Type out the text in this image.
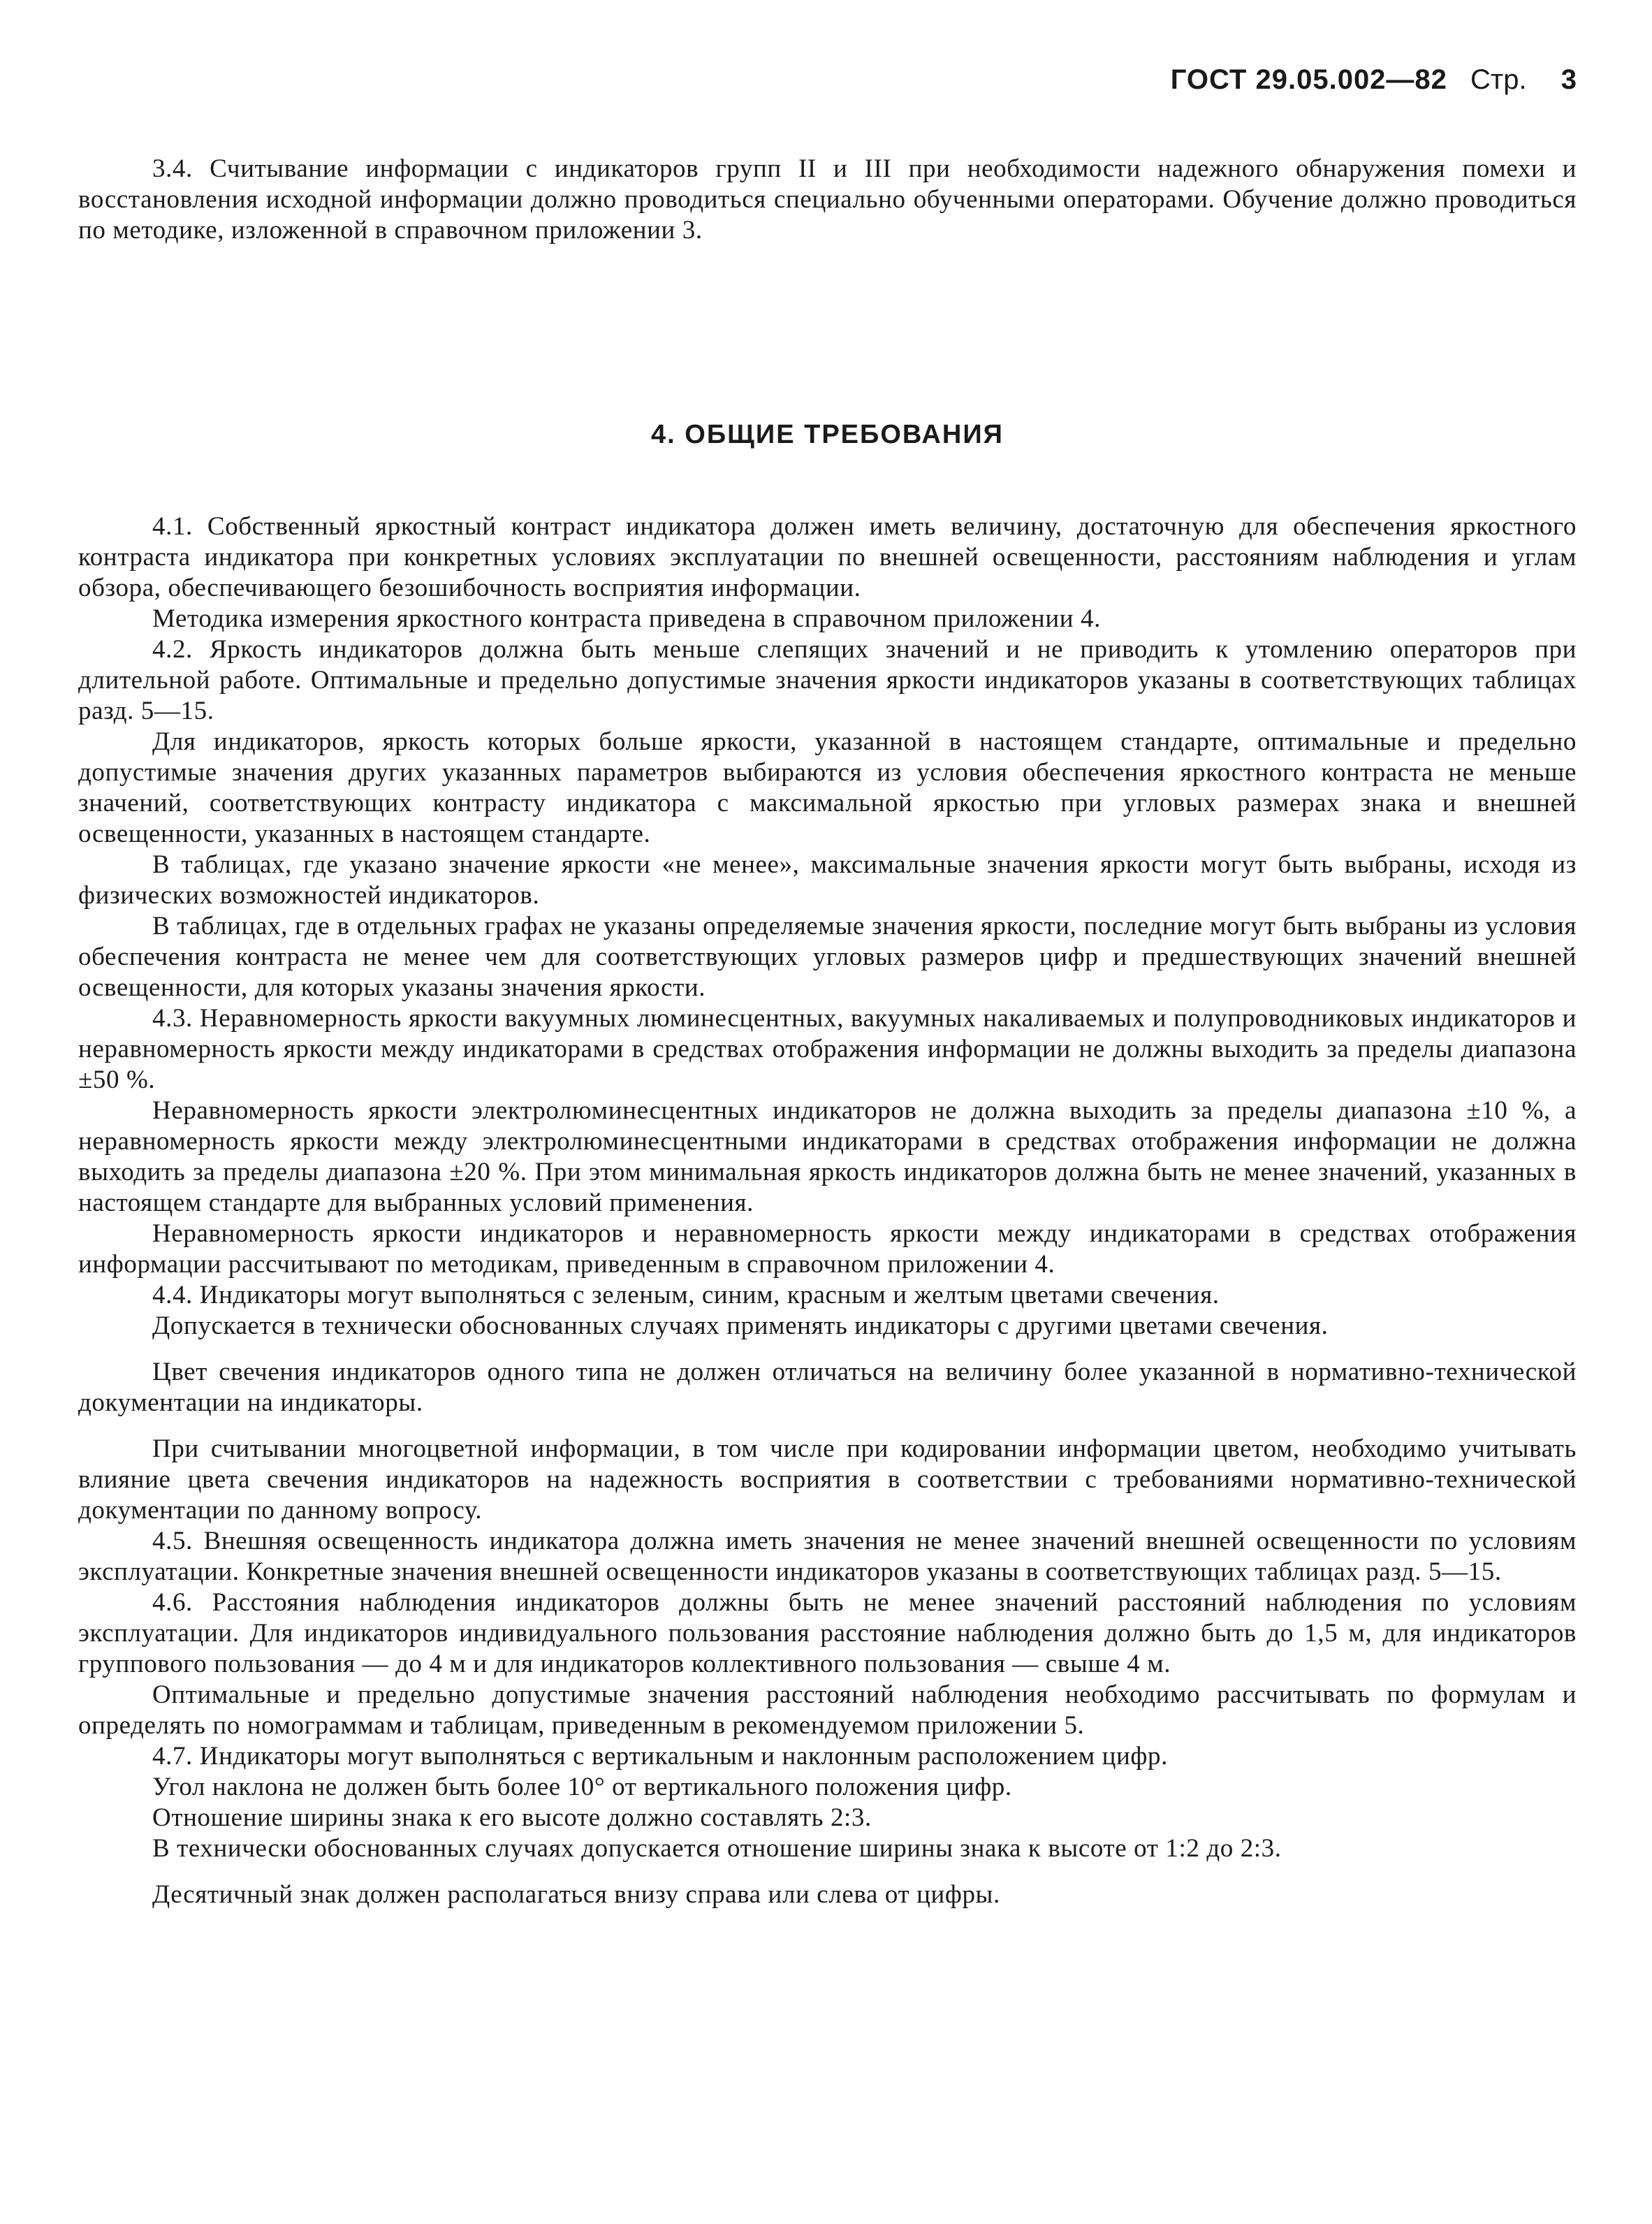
ГОСТ 29.05.002—82 Стр. 3

3.4. Считывание информации с индикаторов групп II и III при необходимости надежного обнаружения помехи и восстановления исходной информации должно проводиться специально обученными операторами. Обучение должно проводиться по методике, изложенной в справочном приложении 3.

4. ОБЩИЕ ТРЕБОВАНИЯ

4.1. Собственный яркостный контраст индикатора должен иметь величину, достаточную для обеспечения яркостного контраста индикатора при конкретных условиях эксплуатации по внешней освещенности, расстояниям наблюдения и углам обзора, обеспечивающего безошибочность восприятия информации.

Методика измерения яркостного контраста приведена в справочном приложении 4.

4.2. Яркость индикаторов должна быть меньше слепящих значений и не приводить к утомлению операторов при длительной работе. Оптимальные и предельно допустимые значения яркости индикаторов указаны в соответствующих таблицах разд. 5—15.

Для индикаторов, яркость которых больше яркости, указанной в настоящем стандарте, оптимальные и предельно допустимые значения других указанных параметров выбираются из условия обеспечения яркостного контраста не меньше значений, соответствующих контрасту индикатора с максимальной яркостью при угловых размерах знака и внешней освещенности, указанных в настоящем стандарте.

В таблицах, где указано значение яркости «не менее», максимальные значения яркости могут быть выбраны, исходя из физических возможностей индикаторов.

В таблицах, где в отдельных графах не указаны определяемые значения яркости, последние могут быть выбраны из условия обеспечения контраста не менее чем для соответствующих угловых размеров цифр и предшествующих значений внешней освещенности, для которых указаны значения яркости.

4.3. Неравномерность яркости вакуумных люминесцентных, вакуумных накаливаемых и полупроводниковых индикаторов и неравномерность яркости между индикаторами в средствах отображения информации не должны выходить за пределы диапазона ±50 %.

Неравномерность яркости электролюминесцентных индикаторов не должна выходить за пределы диапазона ±10 %, а неравномерность яркости между электролюминесцентными индикаторами в средствах отображения информации не должна выходить за пределы диапазона ±20 %. При этом минимальная яркость индикаторов должна быть не менее значений, указанных в настоящем стандарте для выбранных условий применения.

Неравномерность яркости индикаторов и неравномерность яркости между индикаторами в средствах отображения информации рассчитывают по методикам, приведенным в справочном приложении 4.

4.4. Индикаторы могут выполняться с зеленым, синим, красным и желтым цветами свечения.

Допускается в технически обоснованных случаях применять индикаторы с другими цветами свечения.

Цвет свечения индикаторов одного типа не должен отличаться на величину более указанной в нормативно-технической документации на индикаторы.

При считывании многоцветной информации, в том числе при кодировании информации цветом, необходимо учитывать влияние цвета свечения индикаторов на надежность восприятия в соответствии с требованиями нормативно-технической документации по данному вопросу.

4.5. Внешняя освещенность индикатора должна иметь значения не менее значений внешней освещенности по условиям эксплуатации. Конкретные значения внешней освещенности индикаторов указаны в соответствующих таблицах разд. 5—15.

4.6. Расстояния наблюдения индикаторов должны быть не менее значений расстояний наблюдения по условиям эксплуатации. Для индикаторов индивидуального пользования расстояние наблюдения должно быть до 1,5 м, для индикаторов группового пользования — до 4 м и для индикаторов коллективного пользования — свыше 4 м.

Оптимальные и предельно допустимые значения расстояний наблюдения необходимо рассчитывать по формулам и определять по номограммам и таблицам, приведенным в рекомендуемом приложении 5.

4.7. Индикаторы могут выполняться с вертикальным и наклонным расположением цифр.

Угол наклона не должен быть более 10° от вертикального положения цифр.

Отношение ширины знака к его высоте должно составлять 2:3.

В технически обоснованных случаях допускается отношение ширины знака к высоте от 1:2 до 2:3.

Десятичный знак должен располагаться внизу справа или слева от цифры.
